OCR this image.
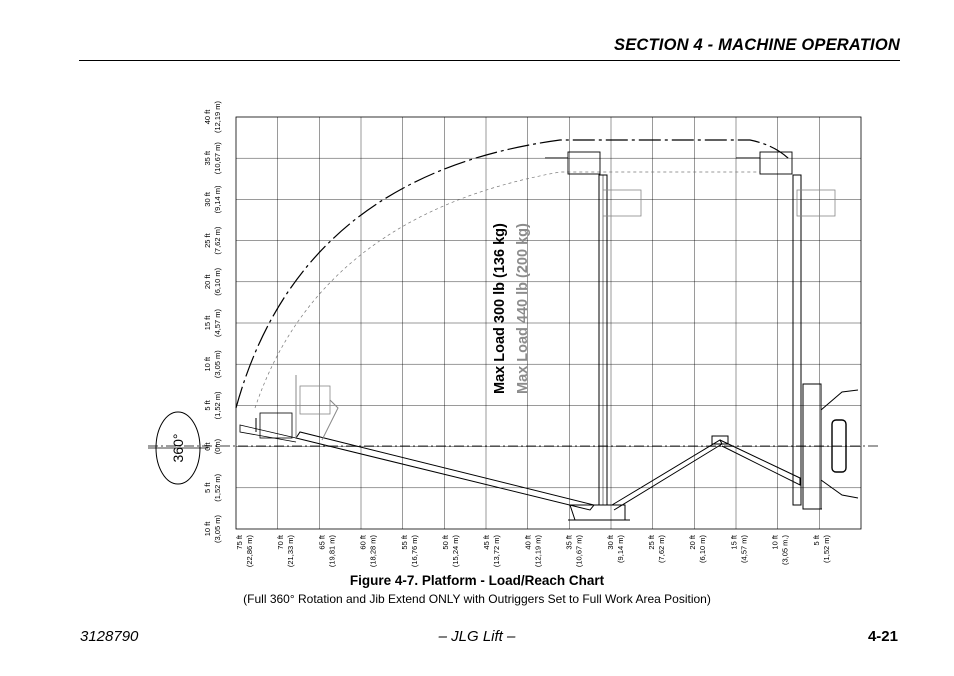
SECTION 4 - MACHINE OPERATION
360°
Max Load 300 lb (136 kg) Max Load 440 lb (200 kg)
40 ft(12,19 m)
35 ft(10,67 m)
30 ft(9,14 m)
25 ft(7,62 m)
20 ft(6,10 m)
15 ft(4,57 m)
10 ft(3,05 m)
5 ft(1,52 m)
0ft(0m)
5 ft(1,52 m)
10 ft(3,05 m) 75 ft(22,86 m)	70 ft(21,33 m)	65 ft(19,81 m)	60 ft(18,28 m)	55 ft(16,76 m)	50 ft(15,24 m)	45 ft(13,72 m)	40 ft(12,19 m)	35 ft(10,67 m)	30 ft(9,14 m)	25 ft(7,62 m)	20 ft(6,10 m)	15 ft(4,57 m)	10 ft(3,05 m.)	5 ft(1,52 m)
Figure 4-7. Platform - Load/Reach Chart
(Full 360° Rotation and Jib Extend ONLY with Outriggers Set to Full Work Area Position)
3128790	– JLG Lift –	4-21
